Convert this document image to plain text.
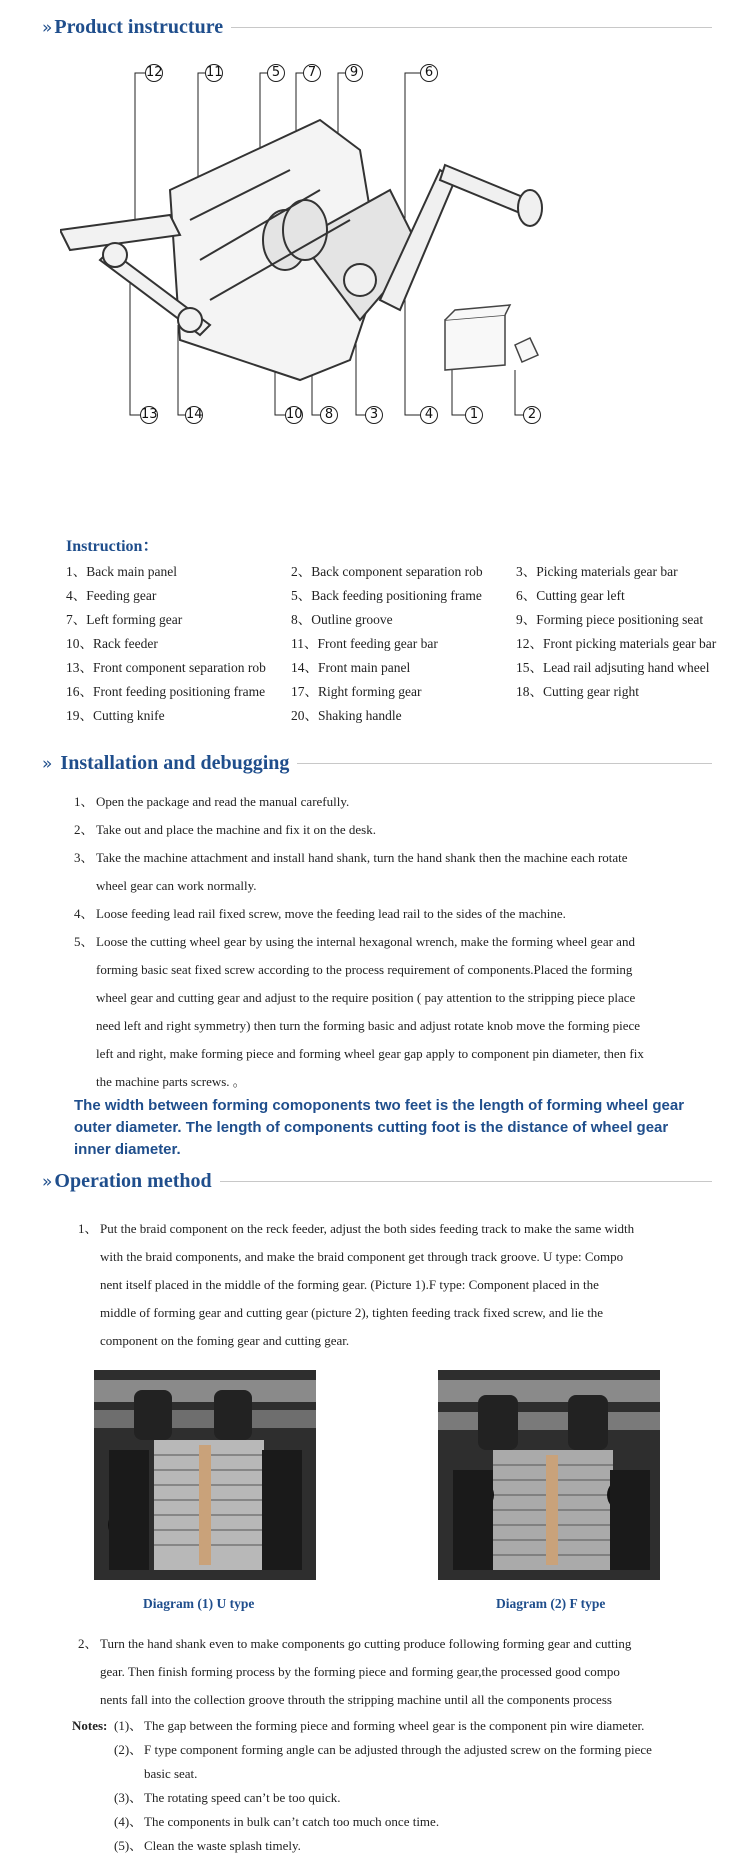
» Product instructure
12	11	5	7	9	6
13 14	10	8	3	4	1	2
Instruction：
1、Back main panel	2、Back component separation rob 3、Picking materials gear bar
4、Feeding gear	5、Back feeding positioning frame	6、Cutting gear left
7、Left forming gear	8、Outline groove	9、Forming piece positioning seat
10、Rack feeder	11、Front feeding gear bar	12、Front picking materials gear bar
13、Front component separation rob 14、Front main panel	15、Lead rail adjsuting hand wheel
16、Front feeding positioning frame 17、Right forming gear	18、Cutting gear right
19、Cutting knife	20、Shaking handle
» Installation and debugging
1、 Open the package and read the manual carefully.
2、 Take out and place the machine and fix it on the desk.
3、 Take the machine attachment and install hand shank, turn the hand shank then the machine each rotate
wheel gear can work normally.
4、 Loose feeding lead rail fixed screw, move the feeding lead rail to the sides of the machine.
5、 Loose the cutting wheel gear by using the internal hexagonal wrench, make the forming wheel gear and
forming basic seat fixed screw according to the process requirement of components.Placed the forming
wheel gear and cutting gear and adjust to the require position ( pay attention to the stripping piece place
need left and right symmetry) then turn the forming basic and adjust rotate knob move the forming piece
left and right, make forming piece and forming wheel gear gap apply to component pin diameter, then fix
the machine parts screws. 。
The width between forming comoponents two feet is the length of forming wheel gear
outer diameter. The length of components cutting foot is the distance of wheel gear
inner diameter.
» Operation method
1、 Put the braid component on the reck feeder, adjust the both sides feeding track to make the same width
with the braid components, and make the braid component get through track groove. U type: Compo
nent itself placed in the middle of the forming gear. (Picture 1).F type: Component placed in the
middle of forming gear and cutting gear (picture 2), tighten feeding track fixed screw, and lie the
component on the foming gear and cutting gear.
Diagram (1) U type	Diagram (2) F type
2、 Turn the hand shank even to make components go cutting produce following forming gear and cutting
gear. Then finish forming process by the forming piece and forming gear,the processed good compo
nents fall into the collection groove throuth the stripping machine until all the components process
Notes: (1)、 The gap between the forming piece and forming wheel gear is the component pin wire diameter.
(2)、 F type component forming angle can be adjusted through the adjusted screw on the forming piece
basic seat.
(3)、 The rotating speed can’t be too quick.
(4)、 The components in bulk can’t catch too much once time.
(5)、 Clean the waste splash timely.
